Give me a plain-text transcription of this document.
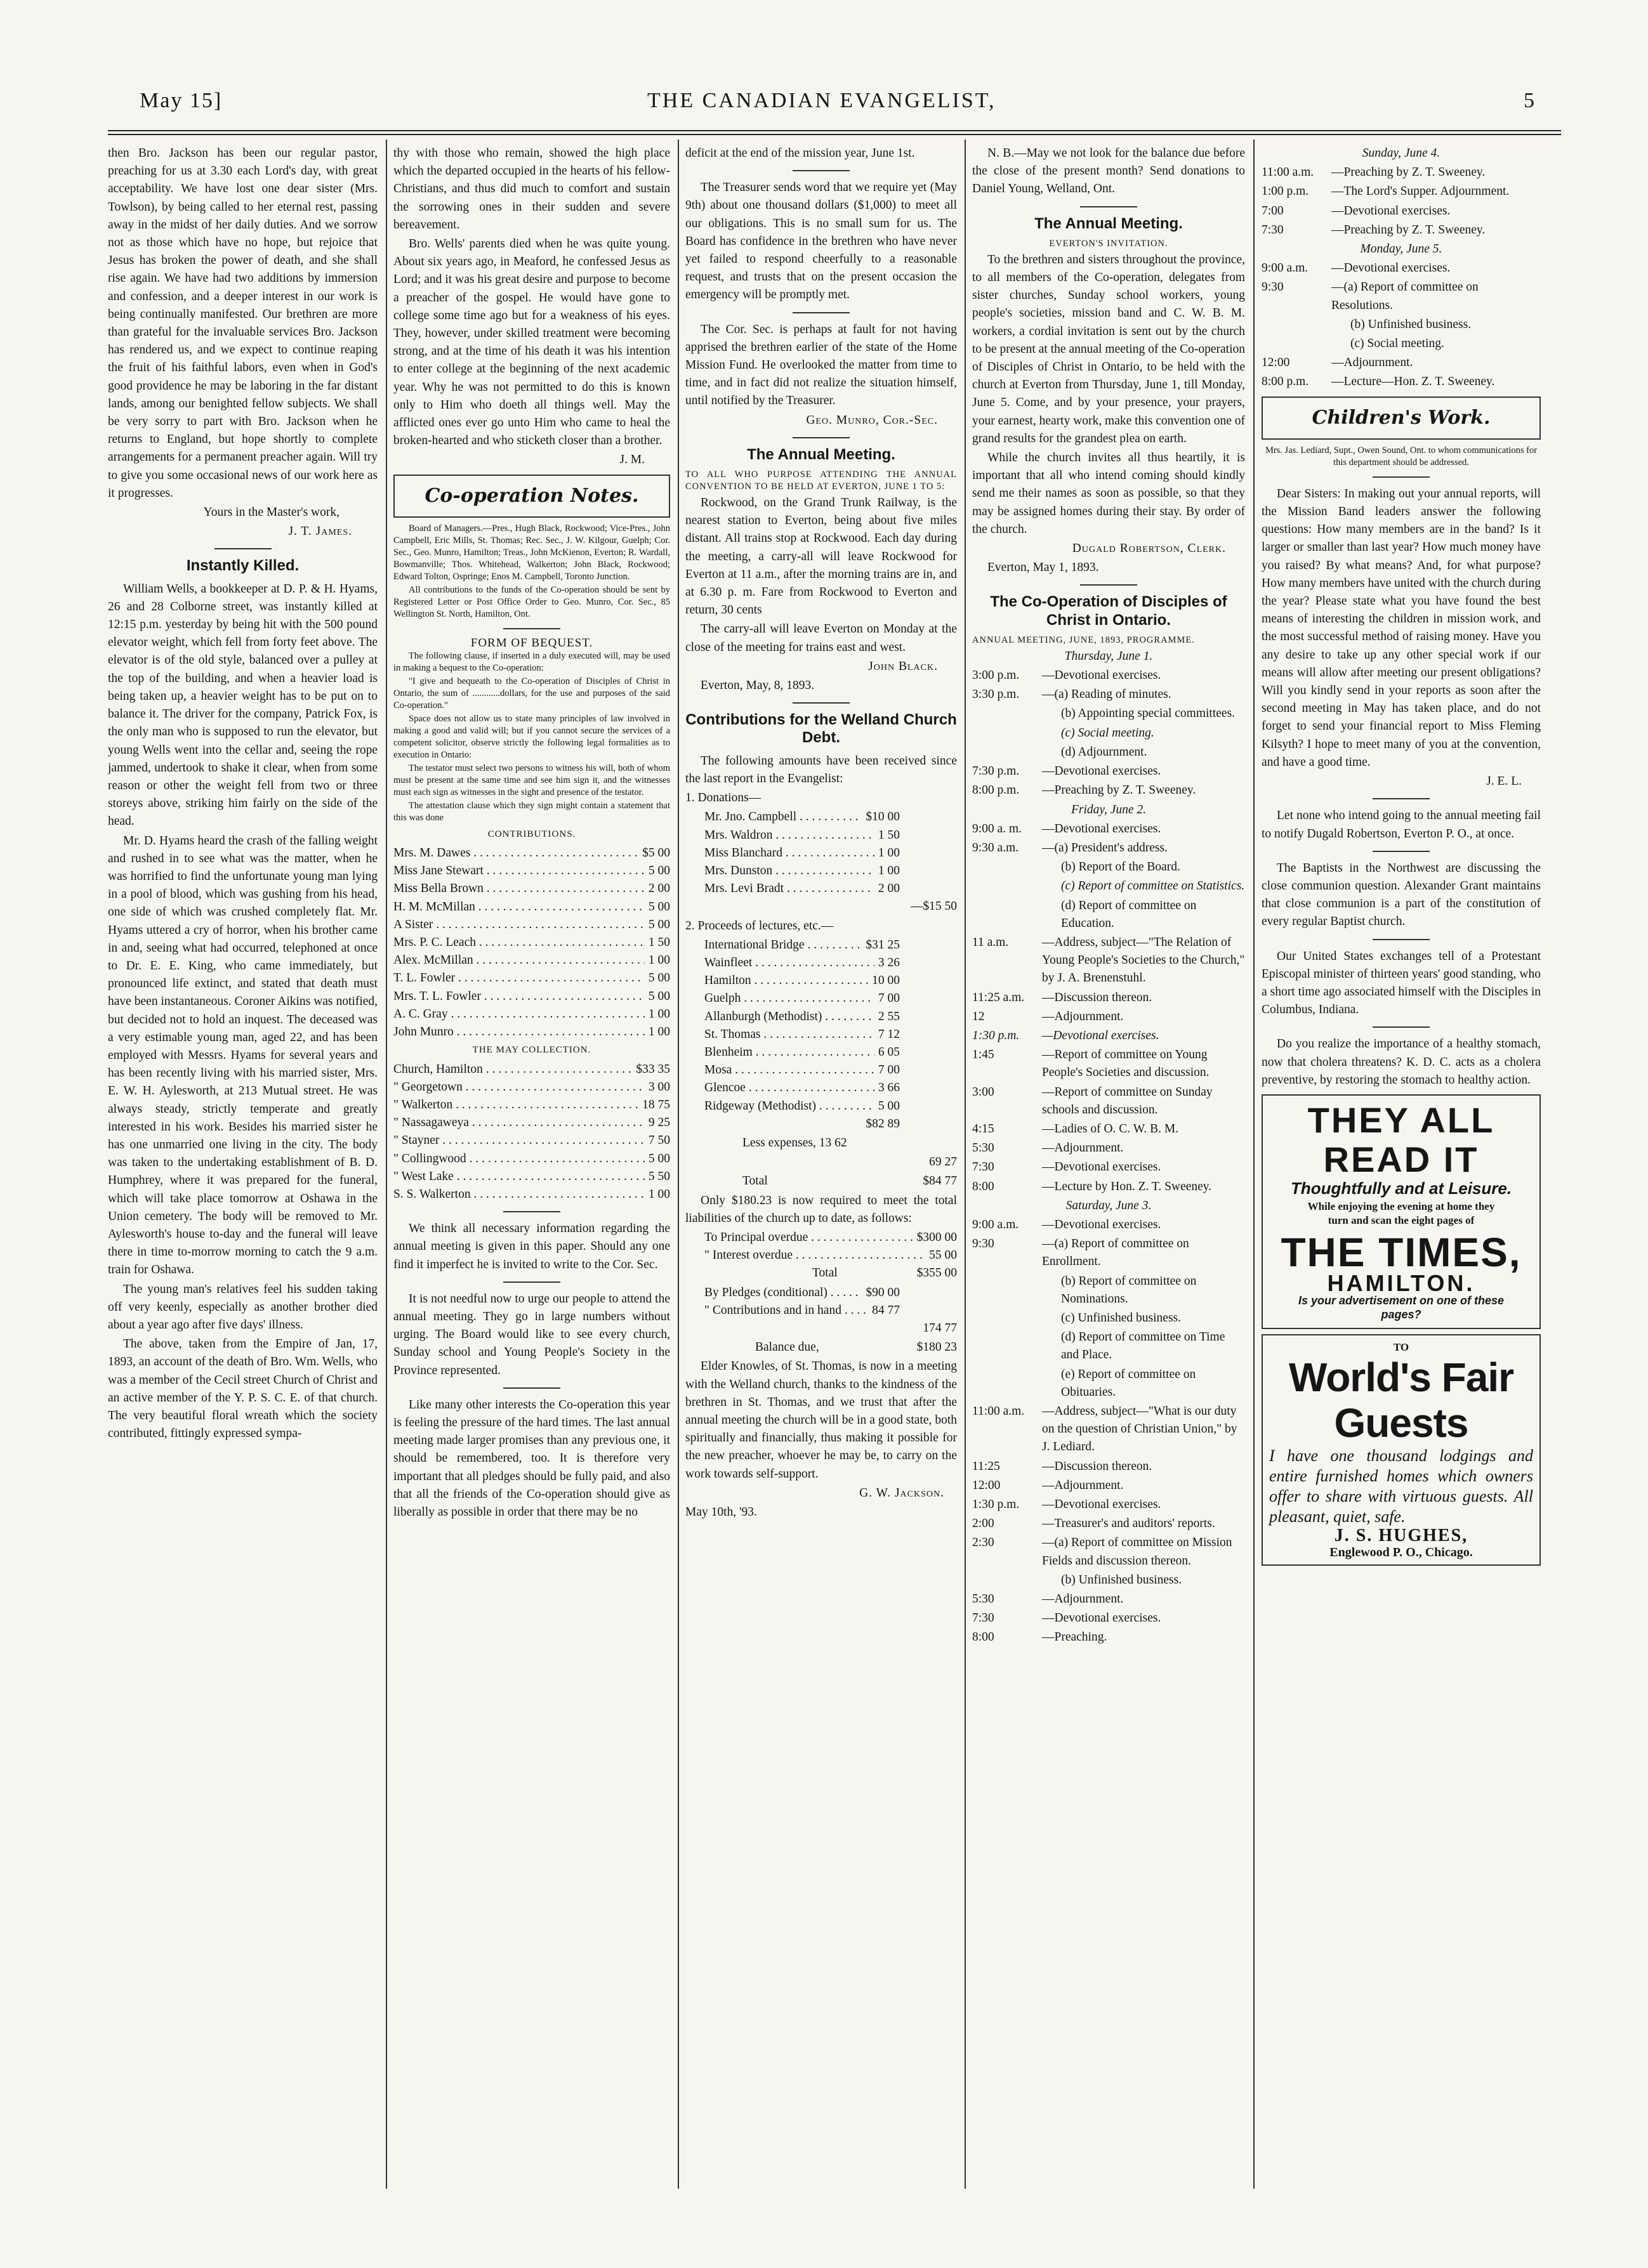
May 15]	THE CANADIAN EVANGELIST,	5

then Bro. Jackson has been our regular pastor, preaching for us at 3.30 each Lord's day, with great acceptability. We have lost one dear sister (Mrs. Towlson), by being called to her eternal rest, passing away in the midst of her daily duties. And we sorrow not as those which have no hope, but rejoice that Jesus has broken the power of death, and she shall rise again. We have had two additions by immersion and confession, and a deeper interest in our work is being continually manifested. Our brethren are more than grateful for the invaluable services Bro. Jackson has rendered us, and we expect to continue reaping the fruit of his faithful labors, even when in God's good providence he may be laboring in the far distant lands, among our benighted fellow subjects. We shall be very sorry to part with Bro. Jackson when he returns to England, but hope shortly to complete arrangements for a permanent preacher again. Will try to give you some occasional news of our work here as it progresses.

Yours in the Master's work,

J. T. James.

Instantly Killed.

William Wells, a bookkeeper at D. P. & H. Hyams, 26 and 28 Colborne street, was instantly killed at 12:15 p.m. yesterday by being hit with the 500 pound elevator weight, which fell from forty feet above. The elevator is of the old style, balanced over a pulley at the top of the building, and when a heavier load is being taken up, a heavier weight has to be put on to balance it. The driver for the company, Patrick Fox, is the only man who is supposed to run the elevator, but young Wells went into the cellar and, seeing the rope jammed, undertook to shake it clear, when from some reason or other the weight fell from two or three storeys above, striking him fairly on the side of the head.

Mr. D. Hyams heard the crash of the falling weight and rushed in to see what was the matter, when he was horrified to find the unfortunate young man lying in a pool of blood, which was gushing from his head, one side of which was crushed completely flat. Mr. Hyams uttered a cry of horror, when his brother came in and, seeing what had occurred, telephoned at once to Dr. E. E. King, who came immediately, but pronounced life extinct, and stated that death must have been instantaneous. Coroner Aikins was notified, but decided not to hold an inquest. The deceased was a very estimable young man, aged 22, and has been employed with Messrs. Hyams for several years and has been recently living with his married sister, Mrs. E. W. H. Aylesworth, at 213 Mutual street. He was always steady, strictly temperate and greatly interested in his work. Besides his married sister he has one unmarried one living in the city. The body was taken to the undertaking establishment of B. D. Humphrey, where it was prepared for the funeral, which will take place tomorrow at Oshawa in the Union cemetery. The body will be removed to Mr. Aylesworth's house to-day and the funeral will leave there in time to-morrow morning to catch the 9 a.m. train for Oshawa.

The young man's relatives feel his sudden taking off very keenly, especially as another brother died about a year ago after five days' illness.

The above, taken from the Empire of Jan, 17, 1893, an account of the death of Bro. Wm. Wells, who was a member of the Cecil street Church of Christ and an active member of the Y. P. S. C. E. of that church. The very beautiful floral wreath which the society contributed, fittingly expressed sympa-

thy with those who remain, showed the high place which the departed occupied in the hearts of his fellow-Christians, and thus did much to comfort and sustain the sorrowing ones in their sudden and severe bereavement.

Bro. Wells' parents died when he was quite young. About six years ago, in Meaford, he confessed Jesus as Lord; and it was his great desire and purpose to become a preacher of the gospel. He would have gone to college some time ago but for a weakness of his eyes. They, however, under skilled treatment were becoming strong, and at the time of his death it was his intention to enter college at the beginning of the next academic year. Why he was not permitted to do this is known only to Him who doeth all things well. May the afflicted ones ever go unto Him who came to heal the broken-hearted and who sticketh closer than a brother.

J. M.

Co-operation Notes.

Board of Managers.—Pres., Hugh Black, Rockwood; Vice-Pres., John Campbell, Eric Mills, St. Thomas; Rec. Sec., J. W. Kilgour, Guelph; Cor. Sec., Geo. Munro, Hamilton; Treas., John McKienon, Everton; R. Wardall, Bowmanville; Thos. Whitehead, Walkerton; John Black, Rockwood; Edward Tolton, Ospringe; Enos M. Campbell, Toronto Junction.

All contributions to the funds of the Co-operation should be sent by Registered Letter or Post Office Order to Geo. Munro, Cor. Sec., 85 Wellington St. North, Hamilton, Ont.

FORM OF BEQUEST.

The following clause, if inserted in a duly executed will, may be used in making a bequest to the Co-operation:

"I give and bequeath to the Co-operation of Disciples of Christ in Ontario, the sum of ............dollars, for the use and purposes of the said Co-operation."

Space does not allow us to state many principles of law involved in making a good and valid will; but if you cannot secure the services of a competent solicitor, observe strictly the following legal formalities as to execution in Ontario:

The testator must select two persons to witness his will, both of whom must be present at the same time and see him sign it, and the witnesses must each sign as witnesses in the sight and presence of the testator.

The attestation clause which they sign might contain a statement that this was done

CONTRIBUTIONS.

Mrs. M. Dawes . . .	$5 00
Miss Jane Stewart . . .	5 00
Miss Bella Brown . . .	2 00
H. M. McMillan . . .	5 00
A Sister . . .	5 00
Mrs. P. C. Leach . . .	1 50
Alex. McMillan . . .	1 00
T. L. Fowler . . .	5 00
Mrs. T. L. Fowler . . .	5 00
A. C. Gray . . .	1 00
John Munro . . .	1 00

THE MAY COLLECTION.

Church, Hamilton . . .	$33 35
" Georgetown . . .	3 00
" Walkerton . . .	18 75
" Nassagaweya . . .	9 25
" Stayner . . .	7 50
" Collingwood . . .	5 00
" West Lake . . .	5 50
S. S. Walkerton . . .	1 00

We think all necessary information regarding the annual meeting is given in this paper. Should any one find it imperfect he is invited to write to the Cor. Sec.

It is not needful now to urge our people to attend the annual meeting. They go in large numbers without urging. The Board would like to see every church, Sunday school and Young People's Society in the Province represented.

Like many other interests the Co-operation this year is feeling the pressure of the hard times. The last annual meeting made larger promises than any previous one, it should be remembered, too. It is therefore very important that all pledges should be fully paid, and also that all the friends of the Co-operation should give as liberally as possible in order that there may be no

deficit at the end of the mission year, June 1st.

The Treasurer sends word that we require yet (May 9th) about one thousand dollars ($1,000) to meet all our obligations. This is no small sum for us. The Board has confidence in the brethren who have never yet failed to respond cheerfully to a reasonable request, and trusts that on the present occasion the emergency will be promptly met.

The Cor. Sec. is perhaps at fault for not having apprised the brethren earlier of the state of the Home Mission Fund. He overlooked the matter from time to time, and in fact did not realize the situation himself, until notified by the Treasurer.

Geo. Munro, Cor.-Sec.

The Annual Meeting.

TO ALL WHO PURPOSE ATTENDING THE ANNUAL CONVENTION TO BE HELD AT EVERTON, JUNE 1 TO 5:

Rockwood, on the Grand Trunk Railway, is the nearest station to Everton, being about five miles distant. All trains stop at Rockwood. Each day during the meeting, a carry-all will leave Rockwood for Everton at 11 a.m., after the morning trains are in, and at 6.30 p. m. Fare from Rockwood to Everton and return, 30 cents

The carry-all will leave Everton on Monday at the close of the meeting for trains east and west.

John Black.

Everton, May, 8, 1893.

Contributions for the Welland Church Debt.

The following amounts have been received since the last report in the Evangelist:

1. Donations—

Mr. Jno. Campbell . . .	$10 00
Mrs. Waldron . . .	1 50
Miss Blanchard . . .	1 00
Mrs. Dunston . . .	1 00
Mrs. Levi Bradt . . .	2 00

—$15 50

2. Proceeds of lectures, etc.—

International Bridge . . .	$31 25
Wainfleet . . .	3 26
Hamilton . . .	10 00
Guelph . . .	7 00
Allanburgh (Methodist) . . .	2 55
St. Thomas . . .	7 12
Blenheim . . .	6 05
Mosa . . .	7 00
Glencoe . . .	3 66
Ridgeway (Methodist) . . .	5 00

$82 89

Less expenses, 13 62

69 27

Total	$84 77

Only $180.23 is now required to meet the total liabilities of the church up to date, as follows:

To Principal overdue . . .	$300 00
" Interest overdue . . .	55 00

Total	$355 00

By Pledges (conditional) . . .	$90 00
" Contributions and in hand . . .	84 77

174 77

Balance due,	$180 23

Elder Knowles, of St. Thomas, is now in a meeting with the Welland church, thanks to the kindness of the brethren in St. Thomas, and we trust that after the annual meeting the church will be in a good state, both spiritually and financially, thus making it possible for the new preacher, whoever he may be, to carry on the work towards self-support.

G. W. Jackson.

May 10th, '93.

N. B.—May we not look for the balance due before the close of the present month? Send donations to Daniel Young, Welland, Ont.

The Annual Meeting.

EVERTON'S INVITATION.

To the brethren and sisters throughout the province, to all members of the Co-operation, delegates from sister churches, Sunday school workers, young people's societies, mission band and C. W. B. M. workers, a cordial invitation is sent out by the church to be present at the annual meeting of the Co-operation of Disciples of Christ in Ontario, to be held with the church at Everton from Thursday, June 1, till Monday, June 5. Come, and by your presence, your prayers, your earnest, hearty work, make this convention one of grand results for the grandest plea on earth.

While the church invites all thus heartily, it is important that all who intend coming should kindly send me their names as soon as possible, so that they may be assigned homes during their stay. By order of the church.

Dugald Robertson, Clerk.

Everton, May 1, 1893.

The Co-Operation of Disciples of Christ in Ontario.

ANNUAL MEETING, JUNE, 1893, PROGRAMME.

Thursday, June 1.

3:00 p.m. —Devotional exercises.

3:30 p.m. —(a) Reading of minutes.

(b) Appointing special committees.

(c) Social meeting.

(d) Adjournment.

7:30 p.m. —Devotional exercises.

8:00 p.m. —Preaching by Z. T. Sweeney.

Friday, June 2.

9:00 a. m. —Devotional exercises.

9:30 a.m. —(a) President's address.

(b) Report of the Board.

(c) Report of committee on Statistics.

(d) Report of committee on Education.

11 a.m.	—Address, subject—"The Relation of Young People's Societies to the Church," by J. A. Brenenstuhl.

11:25 a.m. —Discussion thereon.

12	—Adjournment.

1:30 p.m. —Devotional exercises.

1:45	—Report of committee on Young People's Societies and discussion.

3:00	—Report of committee on Sunday schools and discussion.

4:15	—Ladies of O. C. W. B. M.

5:30	—Adjournment.

7:30	—Devotional exercises.

8:00	—Lecture by Hon. Z. T. Sweeney.

Saturday, June 3.

9:00 a.m. —Devotional exercises.

9:30	—(a) Report of committee on Enrollment.

(b) Report of committee on Nominations.

(c) Unfinished business.

(d) Report of committee on Time and Place.

(e) Report of committee on Obituaries.

11:00 a.m. —Address, subject—"What is our duty on the question of Christian Union," by J. Lediard.

11:25	—Discussion thereon.

12:00	—Adjournment.

1:30 p.m. —Devotional exercises.

2:00	—Treasurer's and auditors' reports.

2:30	—(a) Report of committee on Mission Fields and discussion thereon.

(b) Unfinished business.

5:30	—Adjournment.

7:30	—Devotional exercises.

8:00	—Preaching.

Sunday, June 4.

11:00 a.m. —Preaching by Z. T. Sweeney.

1:00 p.m. —The Lord's Supper. Adjournment.

7:00	—Devotional exercises.

7:30	—Preaching by Z. T. Sweeney.

Monday, June 5.

9:00 a.m. —Devotional exercises.

9:30	—(a) Report of committee on Resolutions.

(b) Unfinished business.

(c) Social meeting.

12:00	—Adjournment.

8:00 p.m. —Lecture—Hon. Z. T. Sweeney.

Children's Work.

Mrs. Jas. Lediard, Supt., Owen Sound, Ont. to whom communications for this department should be addressed.

Dear Sisters: In making out your annual reports, will the Mission Band leaders answer the following questions: How many members are in the band? Is it larger or smaller than last year? How much money have you raised? By what means? And, for what purpose? How many members have united with the church during the year? Please state what you have found the best means of interesting the children in mission work, and the most successful method of raising money. Have you any desire to take up any other special work if our means will allow after meeting our present obligations? Will you kindly send in your reports as soon after the second meeting in May has taken place, and do not forget to send your financial report to Miss Fleming Kilsyth? I hope to meet many of you at the convention, and have a good time.

J. E. L.

Let none who intend going to the annual meeting fail to notify Dugald Robertson, Everton P. O., at once.

The Baptists in the Northwest are discussing the close communion question. Alexander Grant maintains that close communion is a part of the constitution of every regular Baptist church.

Our United States exchanges tell of a Protestant Episcopal minister of thirteen years' good standing, who a short time ago associated himself with the Disciples in Columbus, Indiana.

Do you realize the importance of a healthy stomach, now that cholera threatens? K. D. C. acts as a cholera preventive, by restoring the stomach to healthy action.

THEY ALL
READ IT
Thoughtfully and at Leisure.
While enjoying the evening at home they turn and scan the eight pages of
THE TIMES,
HAMILTON.
Is your advertisement on one of these pages?
TO
World's Fair Guests
I have one thousand lodgings and entire furnished homes which owners offer to share with virtuous guests. All pleasant, quiet, safe.
J. S. HUGHES,
Englewood P. O., Chicago.
